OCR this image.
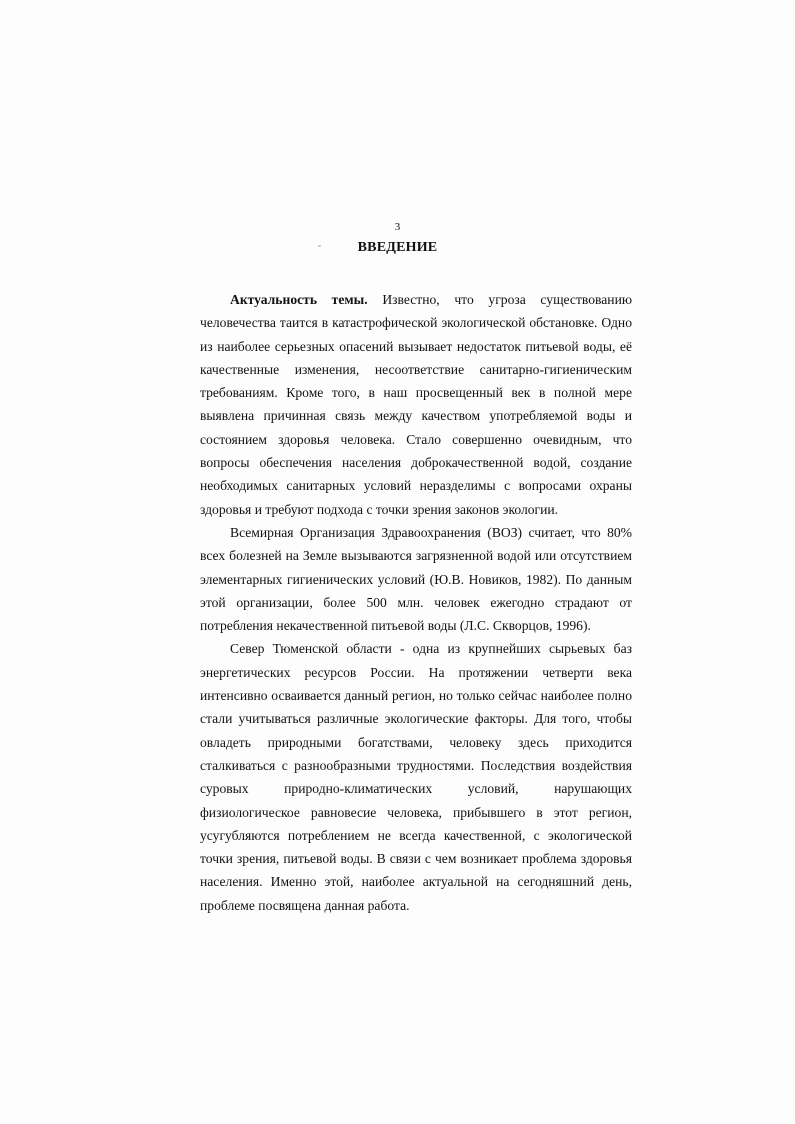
3
ВВЕДЕНИЕ

Актуальность темы. Известно, что угроза существованию человечества таится в катастрофической экологической обстановке. Одно из наиболее серьезных опасений вызывает недостаток питьевой воды, её качественные изменения, несоответствие санитарно-гигиеническим требованиям. Кроме того, в наш просвещенный век в полной мере выявлена причинная связь между качеством употребляемой воды и состоянием здоровья человека. Стало совершенно очевидным, что вопросы обеспечения населения доброкачественной водой, создание необходимых санитарных условий неразделимы с вопросами охраны здоровья и требуют подхода с точки зрения законов экологии.

Всемирная Организация Здравоохранения (ВОЗ) считает, что 80% всех болезней на Земле вызываются загрязненной водой или отсутствием элементарных гигиенических условий (Ю.В. Новиков, 1982). По данным этой организации, более 500 млн. человек ежегодно страдают от потребления некачественной питьевой воды (Л.С. Скворцов, 1996).

Север Тюменской области - одна из крупнейших сырьевых баз энергетических ресурсов России. На протяжении четверти века интенсивно осваивается данный регион, но только сейчас наиболее полно стали учитываться различные экологические факторы. Для того, чтобы овладеть природными богатствами, человеку здесь приходится сталкиваться с разнообразными трудностями. Последствия воздействия суровых природно-климатических условий, нарушающих физиологическое равновесие человека, прибывшего в этот регион, усугубляются потреблением не всегда качественной, с экологической точки зрения, питьевой воды. В связи с чем возникает проблема здоровья населения. Именно этой, наиболее актуальной на сегодняшний день, проблеме посвящена данная работа.
